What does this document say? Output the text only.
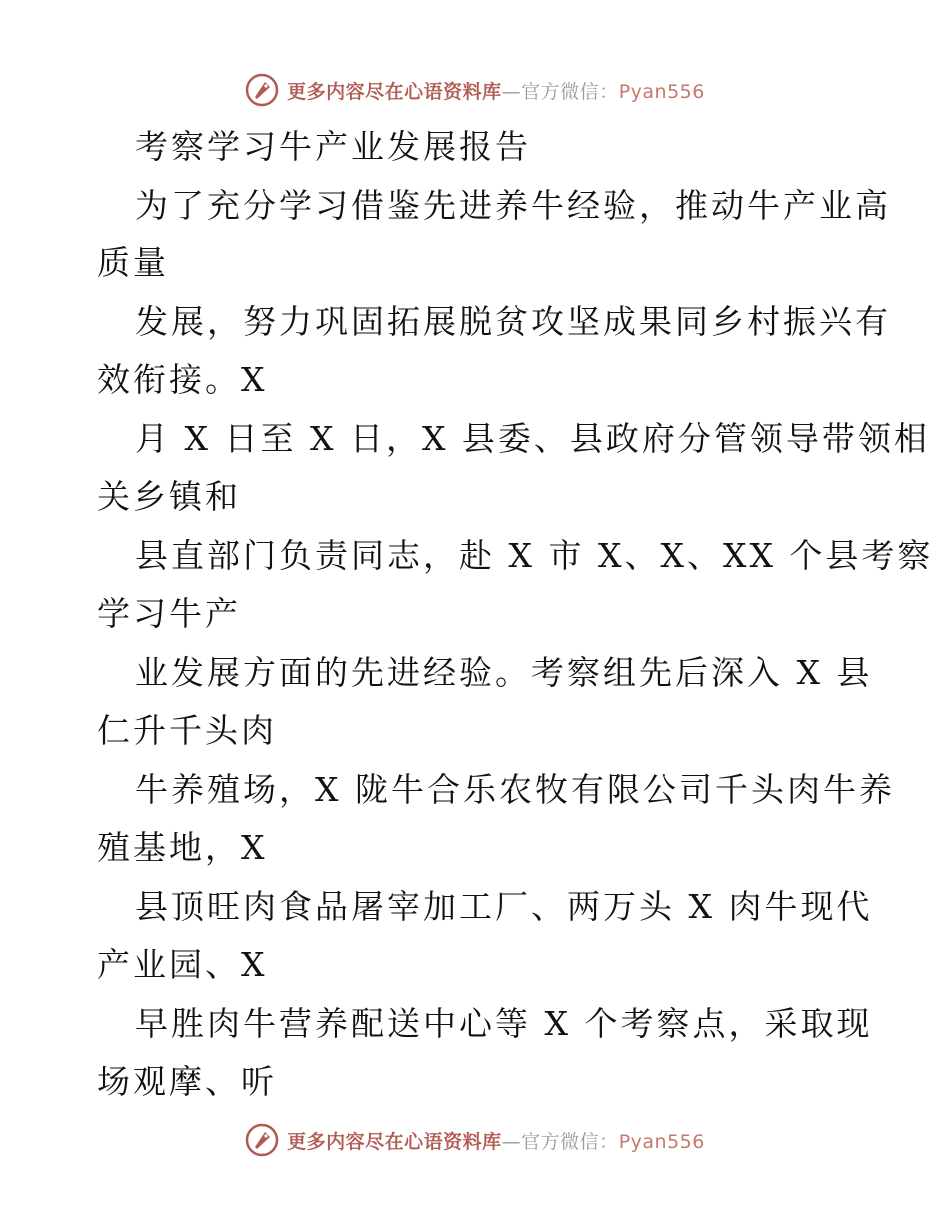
更多内容尽在心语资料库—官方微信：Pyan556
考察学习牛产业发展报告
为了充分学习借鉴先进养牛经验，推动牛产业高
质量
发展，努力巩固拓展脱贫攻坚成果同乡村振兴有
效衔接。X
月 X 日至 X 日，X 县委、县政府分管领导带领相
关乡镇和
县直部门负责同志，赴 X 市 X、X、XX 个县考察
学习牛产
业发展方面的先进经验。考察组先后深入 X 县
仁升千头肉
牛养殖场，X 陇牛合乐农牧有限公司千头肉牛养
殖基地，X
县顶旺肉食品屠宰加工厂、两万头 X 肉牛现代
产业园、X
早胜肉牛营养配送中心等 X 个考察点，采取现
场观摩、听
更多内容尽在心语资料库—官方微信：Pyan556
